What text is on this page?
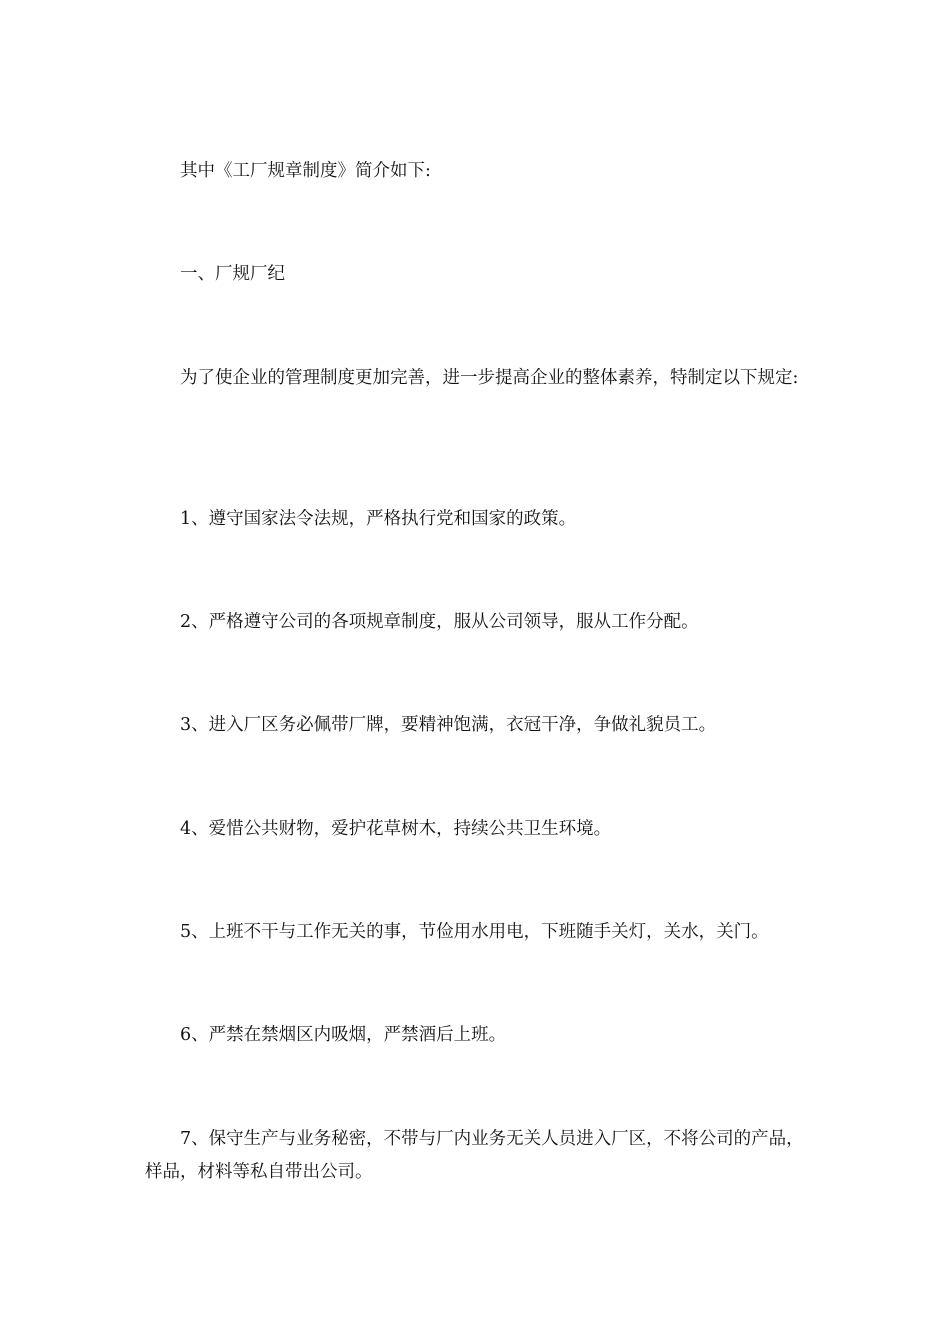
其中《工厂规章制度》简介如下:

一、厂规厂纪

为了使企业的管理制度更加完善，进一步提高企业的整体素养，特制定以下规定:

1、遵守国家法令法规，严格执行党和国家的政策。

2、严格遵守公司的各项规章制度，服从公司领导，服从工作分配。

3、进入厂区务必佩带厂牌，要精神饱满，衣冠干净，争做礼貌员工。

4、爱惜公共财物，爱护花草树木，持续公共卫生环境。

5、上班不干与工作无关的事，节俭用水用电，下班随手关灯，关水，关门。

6、严禁在禁烟区内吸烟，严禁酒后上班。

7、保守生产与业务秘密，不带与厂内业务无关人员进入厂区，不将公司的产品，样品，材料等私自带出公司。
